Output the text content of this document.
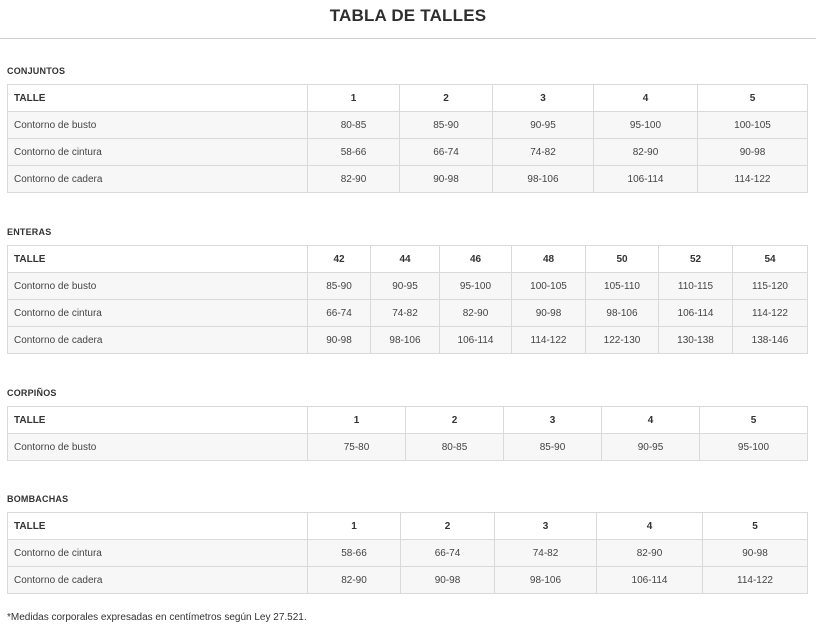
TABLA DE TALLES
CONJUNTOS
TALLE	1	2	3	4	5
Contorno de busto	80-85	85-90	90-95	95-100	100-105
Contorno de cintura	58-66	66-74	74-82	82-90	90-98
Contorno de cadera	82-90	90-98	98-106	106-114	114-122
ENTERAS
TALLE	42	44	46	48	50	52	54
Contorno de busto	85-90	90-95	95-100	100-105	105-110	110-115	115-120
Contorno de cintura	66-74	74-82	82-90	90-98	98-106	106-114	114-122
Contorno de cadera	90-98	98-106	106-114	114-122	122-130	130-138	138-146
CORPIÑOS
TALLE	1	2	3	4	5
Contorno de busto	75-80	80-85	85-90	90-95	95-100
BOMBACHAS
TALLE	1	2	3	4	5
Contorno de cintura	58-66	66-74	74-82	82-90	90-98
Contorno de cadera	82-90	90-98	98-106	106-114	114-122
*Medidas corporales expresadas en centímetros según Ley 27.521.
